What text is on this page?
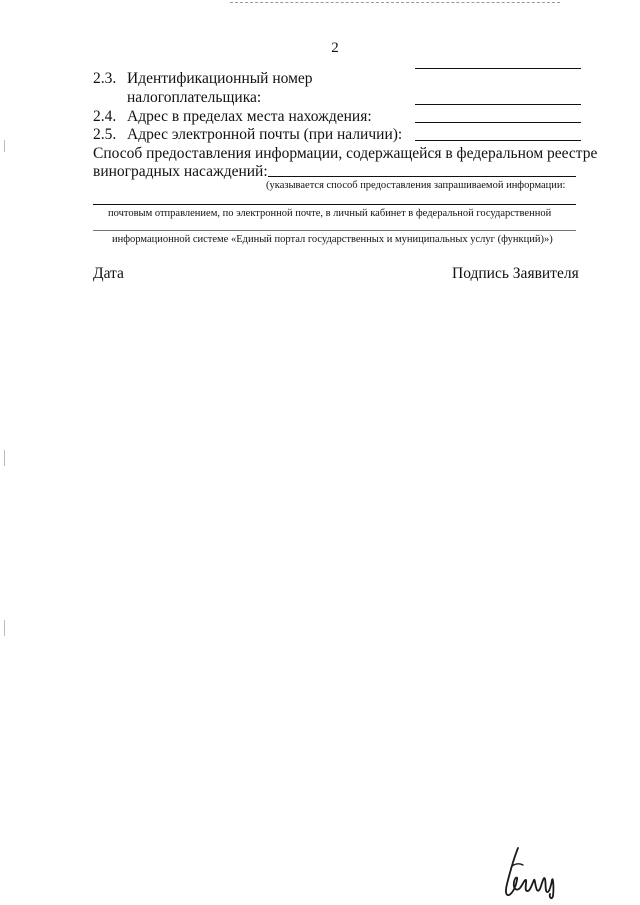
2
2.3. Идентификационный номер
налогоплательщика:
2.4. Адрес в пределах места нахождения:
2.5. Адрес электронной почты (при наличии):
Способ предоставления информации, содержащейся в федеральном реестре
виноградных насаждений:
(указывается способ предоставления запрашиваемой информации:
почтовым отправлением, по электронной почте, в личный кабинет в федеральной государственной
информационной системе «Единый портал государственных и муниципальных услуг (функций)»)
Дата	Подпись Заявителя
